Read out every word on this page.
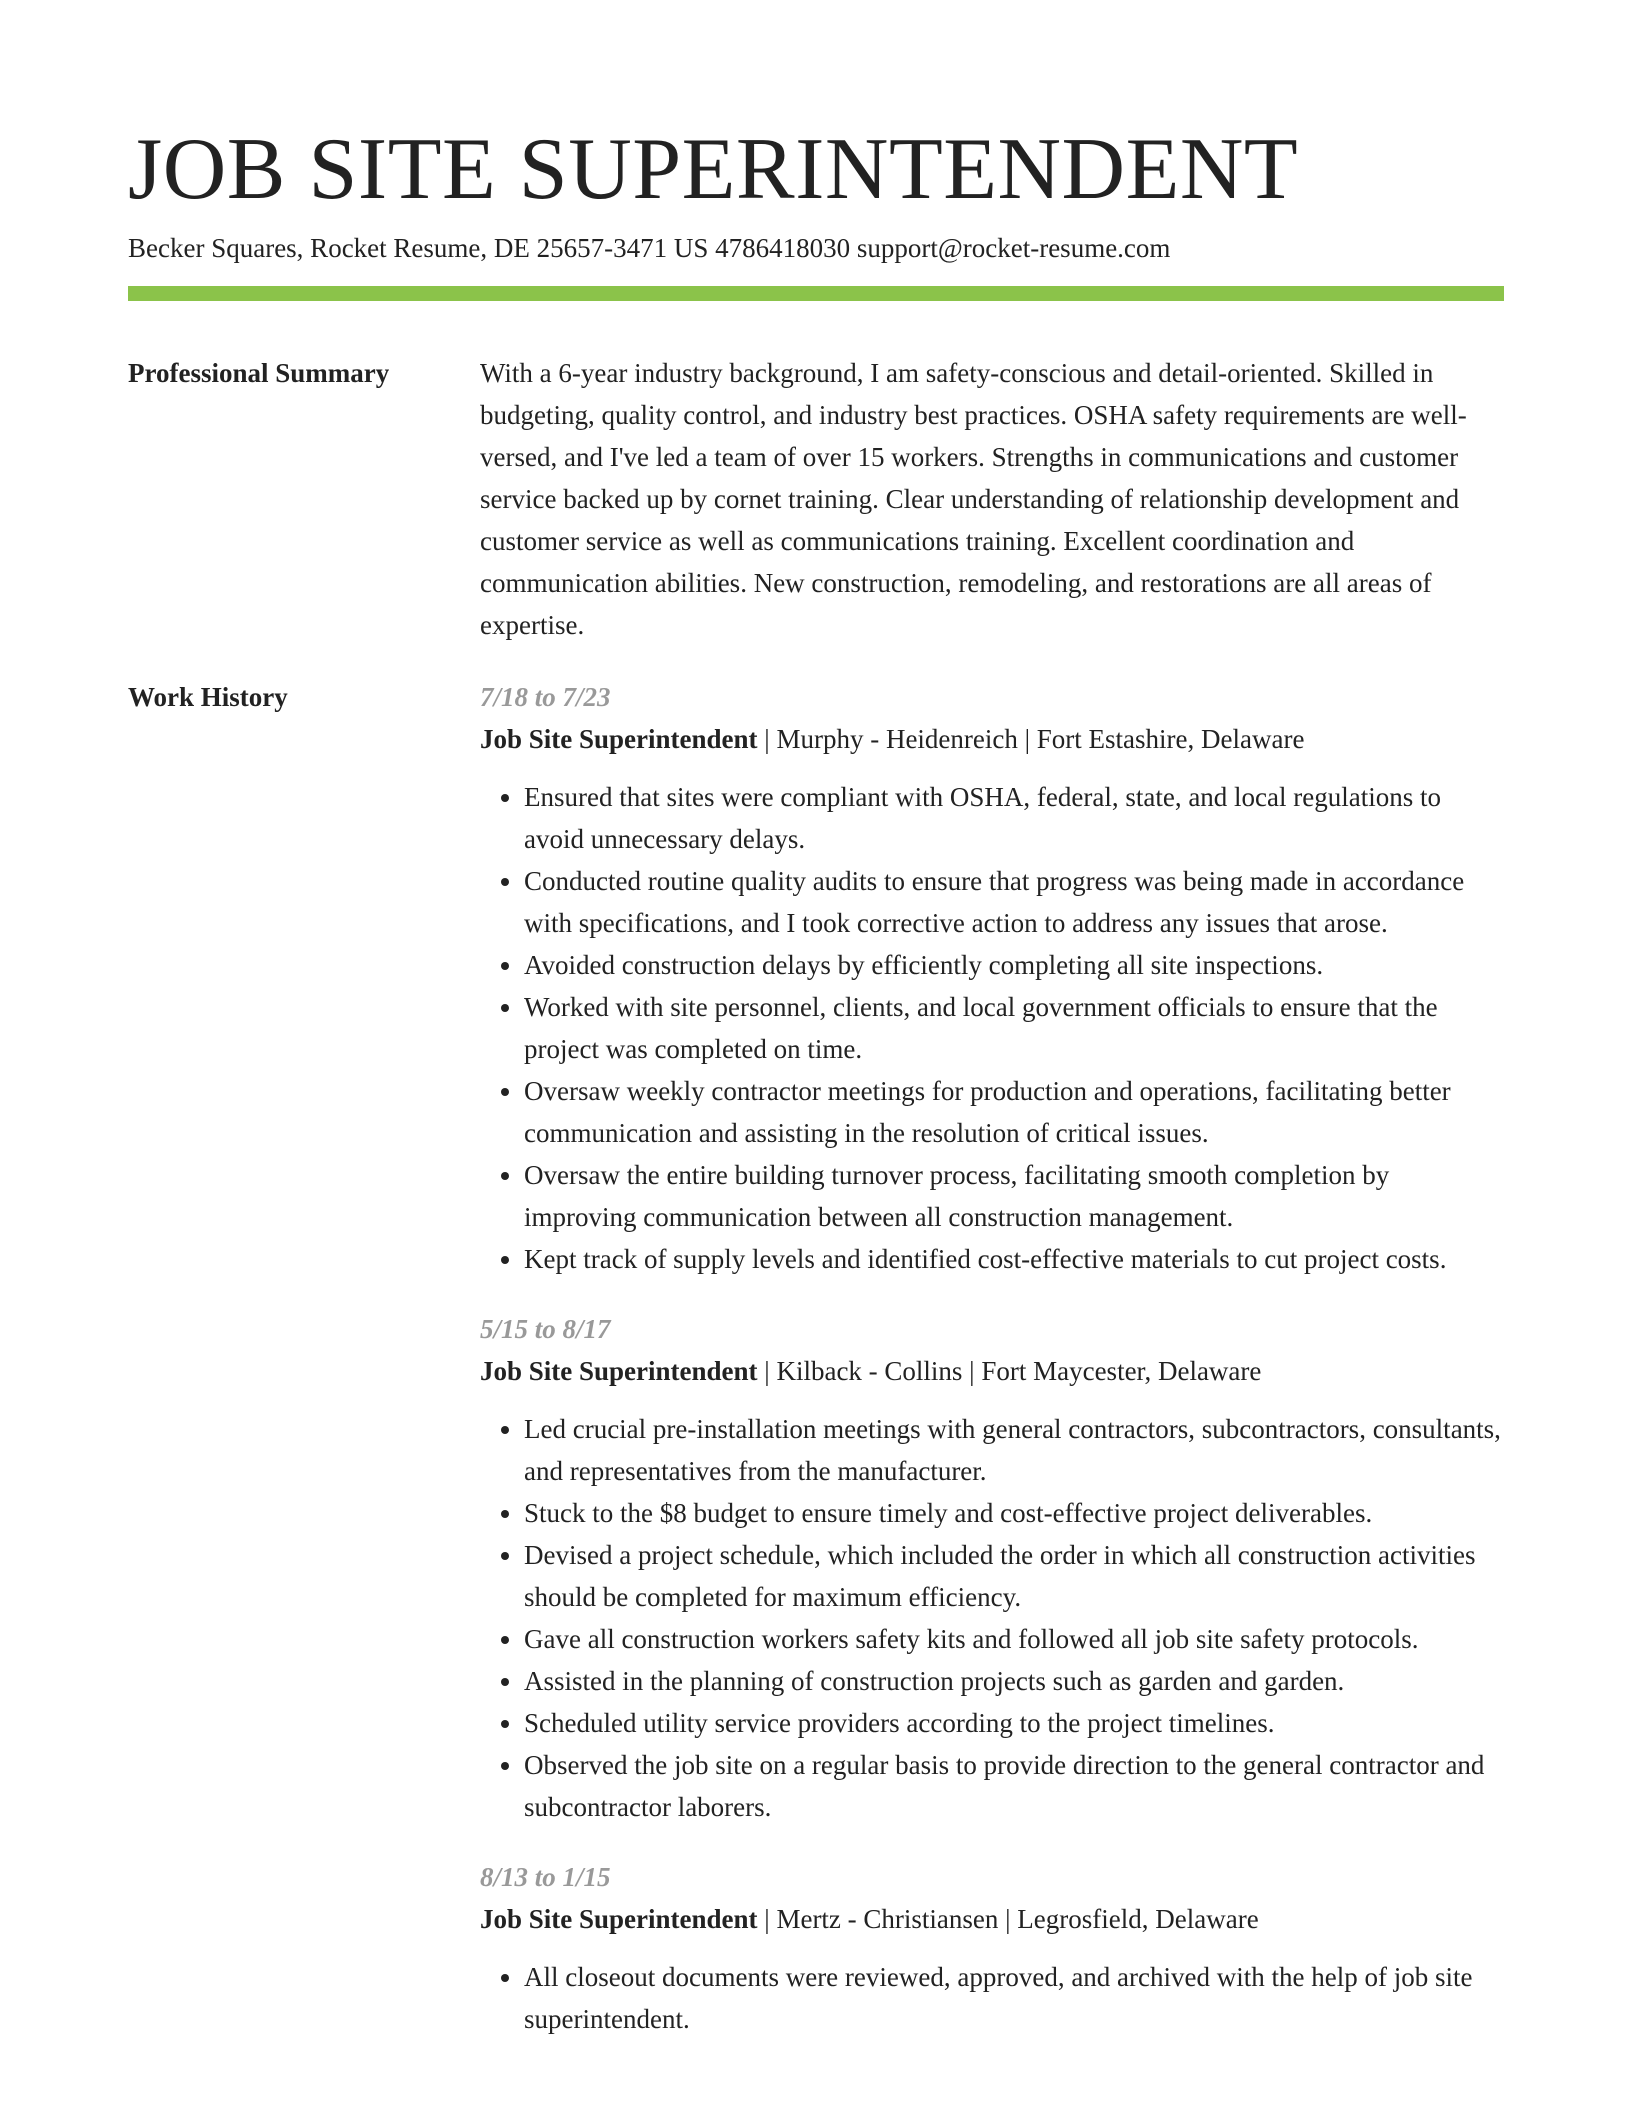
JOB SITE SUPERINTENDENT
Becker Squares, Rocket Resume, DE 25657-3471 US 4786418030 support@rocket-resume.com
Professional Summary	With a 6-year industry background, I am safety-conscious and detail-oriented. Skilled in budgeting, quality control, and industry best practices. OSHA safety requirements are well-versed, and I've led a team of over 15 workers. Strengths in communications and customer service backed up by cornet training. Clear understanding of relationship development and customer service as well as communications training. Excellent coordination and communication abilities. New construction, remodeling, and restorations are all areas of expertise.

Work History	7/18 to 7/23
Job Site Superintendent | Murphy - Heidenreich | Fort Estashire, Delaware
• Ensured that sites were compliant with OSHA, federal, state, and local regulations to avoid unnecessary delays.
• Conducted routine quality audits to ensure that progress was being made in accordance with specifications, and I took corrective action to address any issues that arose.
• Avoided construction delays by efficiently completing all site inspections.
• Worked with site personnel, clients, and local government officials to ensure that the project was completed on time.
• Oversaw weekly contractor meetings for production and operations, facilitating better communication and assisting in the resolution of critical issues.
• Oversaw the entire building turnover process, facilitating smooth completion by improving communication between all construction management.
• Kept track of supply levels and identified cost-effective materials to cut project costs.
5/15 to 8/17
Job Site Superintendent | Kilback - Collins | Fort Maycester, Delaware
• Led crucial pre-installation meetings with general contractors, subcontractors, consultants, and representatives from the manufacturer.
• Stuck to the $8 budget to ensure timely and cost-effective project deliverables.
• Devised a project schedule, which included the order in which all construction activities should be completed for maximum efficiency.
• Gave all construction workers safety kits and followed all job site safety protocols.
• Assisted in the planning of construction projects such as garden and garden.
• Scheduled utility service providers according to the project timelines.
• Observed the job site on a regular basis to provide direction to the general contractor and subcontractor laborers.
8/13 to 1/15
Job Site Superintendent | Mertz - Christiansen | Legrosfield, Delaware
• All closeout documents were reviewed, approved, and archived with the help of job site superintendent.
